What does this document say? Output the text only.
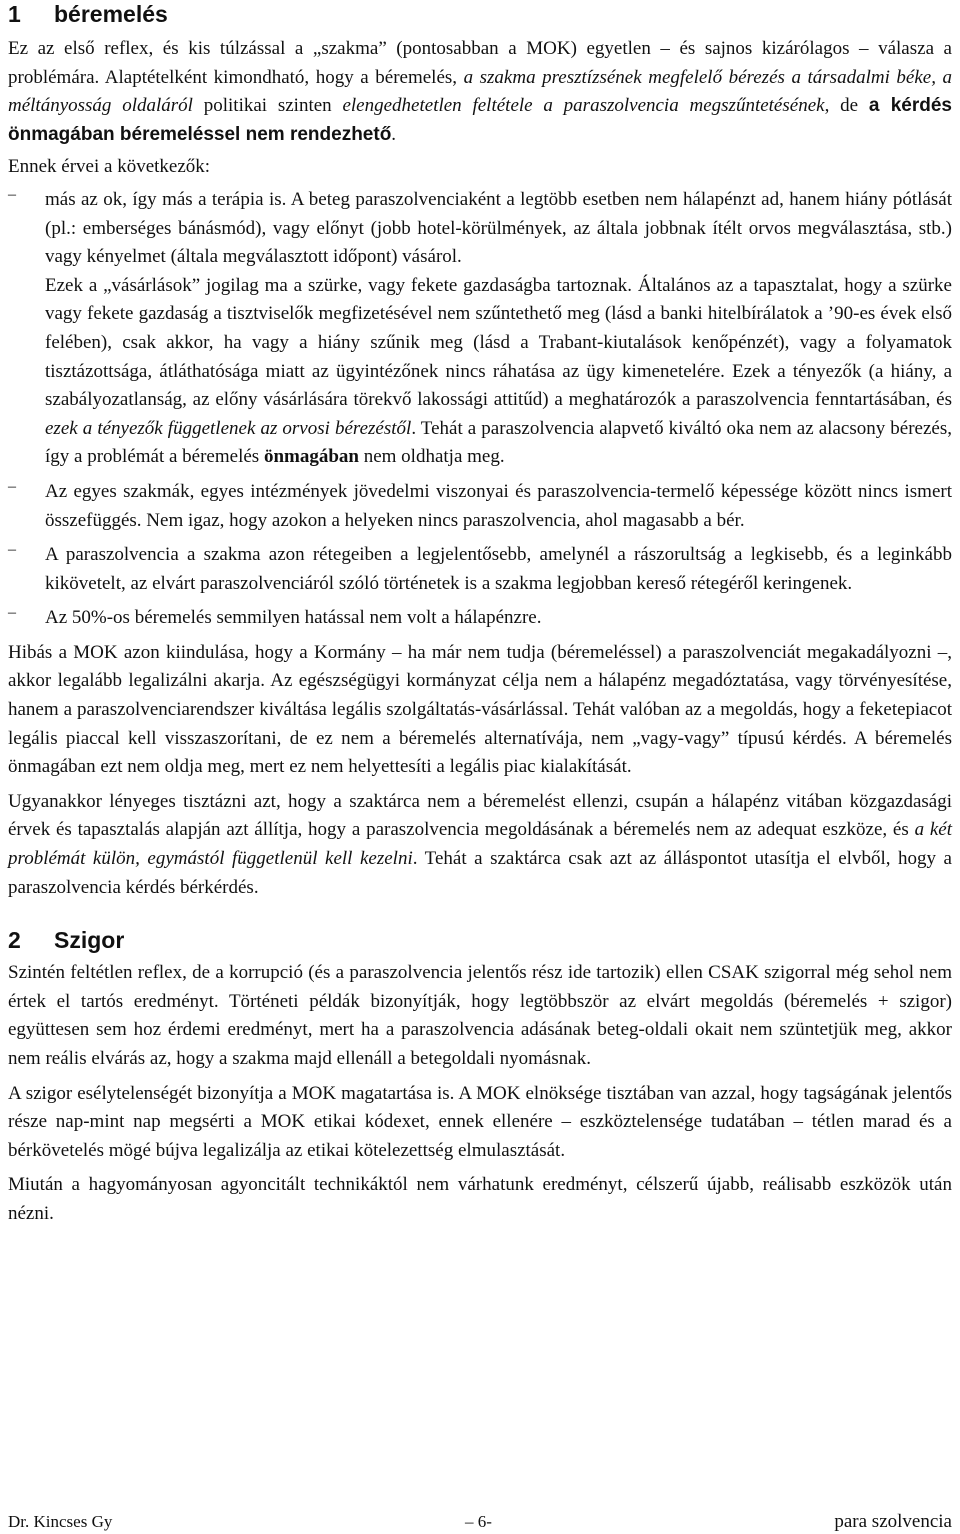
1 béremelés

Ez az első reflex, és kis túlzással a „szakma” (pontosabban a MOK) egyetlen – és sajnos kizárólagos – válasza a problémára. Alaptételként kimondható, hogy a béremelés, a szakma presztízsének megfelelő bérezés a társadalmi béke, a méltányosság oldaláról politikai szinten elengedhetetlen feltétele a paraszolvencia megszűntetésének, de a kérdés önmagában béremeléssel nem rendezhető.

Ennek érvei a következők:

– más az ok, így más a terápia is. A beteg paraszolvenciaként a legtöbb esetben nem hálapénzt ad, hanem hiány pótlását (pl.: emberséges bánásmód), vagy előnyt (jobb hotel-körülmények, az általa jobbnak ítélt orvos megválasztása, stb.) vagy kényelmet (általa megválasztott időpont) vásárol.

Ezek a „vásárlások” jogilag ma a szürke, vagy fekete gazdaságba tartoznak. Általános az a tapasztalat, hogy a szürke vagy fekete gazdaság a tisztviselők megfizetésével nem szűntethető meg (lásd a banki hitelbírálatok a ’90-es évek első felében), csak akkor, ha vagy a hiány szűnik meg (lásd a Trabant-kiutalások kenőpénzét), vagy a folyamatok tisztázottsága, átláthatósága miatt az ügyintézőnek nincs ráhatása az ügy kimenetelére. Ezek a tényezők (a hiány, a szabályozatlanság, az előny vásárlására törekvő lakossági attitűd) a meghatározók a paraszolvencia fenntartásában, és ezek a tényezők függetlenek az orvosi bérezéstől. Tehát a paraszolvencia alapvető kiváltó oka nem az alacsony bérezés, így a problémát a béremelés önmagában nem oldhatja meg.

– Az egyes szakmák, egyes intézmények jövedelmi viszonyai és paraszolvencia-termelő képessége között nincs ismert összefüggés. Nem igaz, hogy azokon a helyeken nincs paraszolvencia, ahol magasabb a bér.

– A paraszolvencia a szakma azon rétegeiben a legjelentősebb, amelynél a rászorultság a legkisebb, és a leginkább kikövetelt, az elvárt paraszolvenciáról szóló történetek is a szakma legjobban kereső rétegéről keringenek.

– Az 50%-os béremelés semmilyen hatással nem volt a hálapénzre.

Hibás a MOK azon kiindulása, hogy a Kormány – ha már nem tudja (béremeléssel) a paraszolvenciát megakadályozni –, akkor legalább legalizálni akarja. Az egészségügyi kormányzat célja nem a hálapénz megadóztatása, vagy törvényesítése, hanem a paraszolvenciarendszer kiváltása legális szolgáltatás-vásárlással. Tehát valóban az a megoldás, hogy a feketepiacot legális piaccal kell visszaszorítani, de ez nem a béremelés alternatívája, nem „vagy-vagy” típusú kérdés. A béremelés önmagában ezt nem oldja meg, mert ez nem helyettesíti a legális piac kialakítását.

Ugyanakkor lényeges tisztázni azt, hogy a szaktárca nem a béremelést ellenzi, csupán a hálapénz vitában közgazdasági érvek és tapasztalás alapján azt állítja, hogy a paraszolvencia megoldásának a béremelés nem az adequat eszköze, és a két problémát külön, egymástól függetlenül kell kezelni. Tehát a szaktárca csak azt az álláspontot utasítja el elvből, hogy a paraszolvencia kérdés bérkérdés.

2 Szigor

Szintén feltétlen reflex, de a korrupció (és a paraszolvencia jelentős rész ide tartozik) ellen CSAK szigorral még sehol nem értek el tartós eredményt. Történeti példák bizonyítják, hogy legtöbbször az elvárt megoldás (béremelés + szigor) együttesen sem hoz érdemi eredményt, mert ha a paraszolvencia adásának beteg-oldali okait nem szüntetjük meg, akkor nem reális elvárás az, hogy a szakma majd ellenáll a betegoldali nyomásnak.

A szigor esélytelenségét bizonyítja a MOK magatartása is. A MOK elnöksége tisztában van azzal, hogy tagságának jelentős része nap-mint nap megsérti a MOK etikai kódexet, ennek ellenére – eszköztelensége tudatában – tétlen marad és a bérkövetelés mögé bújva legalizálja az etikai kötelezettség elmulasztását.

Miután a hagyományosan agyoncitált technikáktól nem várhatunk eredményt, célszerű újabb, reálisabb eszközök után nézni.

Dr. Kincses Gy	– 6-	para szolvencia
